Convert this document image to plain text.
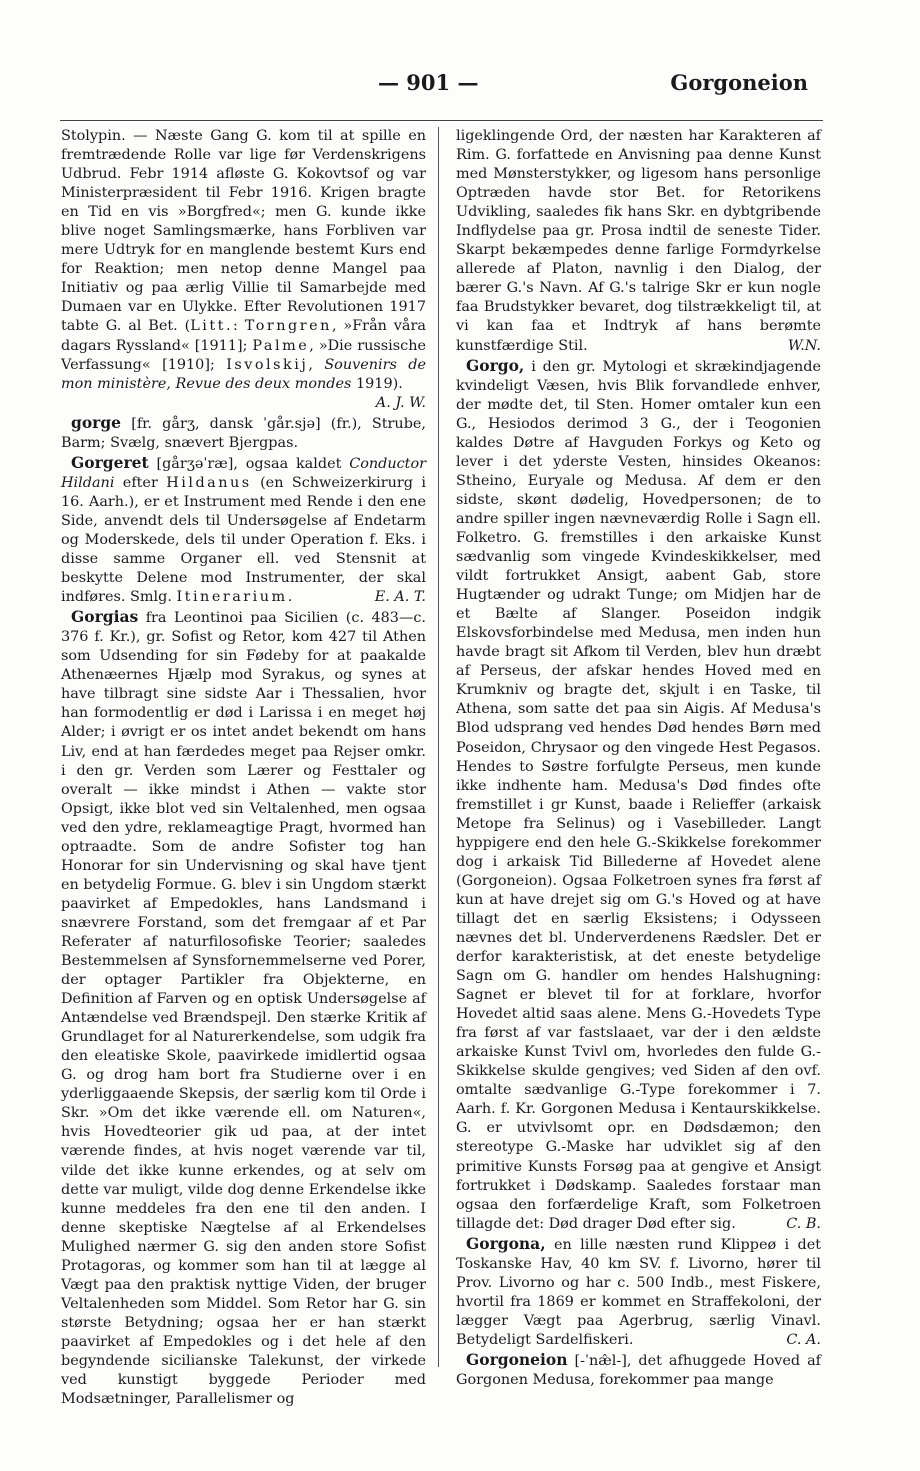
— 901 —	Gorgoneion

Stolypin. — Næste Gang G. kom til at spille en fremtrædende Rolle var lige før Verdenskrigens Udbrud. Febr 1914 afløste G. Kokovtsof og var Ministerpræsident til Febr 1916. Krigen bragte en Tid en vis »Borgfred«; men G. kunde ikke blive noget Samlingsmærke, hans Forbliven var mere Udtryk for en manglende bestemt Kurs end for Reaktion; men netop denne Mangel paa Initiativ og paa ærlig Villie til Samarbejde med Dumaen var en Ulykke. Efter Revolutionen 1917 tabte G. al Bet. (Litt.: Torngren, »Från våra dagars Ryssland« [1911]; Palme, »Die russische Verfassung« [1910]; Isvolskij, Souvenirs de mon ministère, Revue des deux mondes 1919).
A. J. W.

gorge [fr. gårʒ, dansk ˈgår.sjə] (fr.), Strube, Barm; Svælg, snævert Bjergpas.

Gorgeret [gårʒəˈræ], ogsaa kaldet Conductor Hildani efter Hildanus (en Schweizerkirurg i 16. Aarh.), er et Instrument med Rende i den ene Side, anvendt dels til Undersøgelse af Endetarm og Moderskede, dels til under Operation f. Eks. i disse samme Organer ell. ved Stensnit at beskytte Delene mod Instrumenter, der skal indføres. Smlg. Itinerarium.	E. A. T.

Gorgias fra Leontinoi paa Sicilien (c. 483—c. 376 f. Kr.), gr. Sofist og Retor, kom 427 til Athen som Udsending for sin Fødeby for at paakalde Athenæernes Hjælp mod Syrakus, og synes at have tilbragt sine sidste Aar i Thessalien, hvor han formodentlig er død i Larissa i en meget høj Alder; i øvrigt er os intet andet bekendt om hans Liv, end at han færdedes meget paa Rejser omkr. i den gr. Verden som Lærer og Festtaler og overalt — ikke mindst i Athen — vakte stor Opsigt, ikke blot ved sin Veltalenhed, men ogsaa ved den ydre, reklameagtige Pragt, hvormed han optraadte. Som de andre Sofister tog han Honorar for sin Undervisning og skal have tjent en betydelig Formue. G. blev i sin Ungdom stærkt paavirket af Empedokles, hans Landsmand i snævrere Forstand, som det fremgaar af et Par Referater af naturfilosofiske Teorier; saaledes Bestemmelsen af Synsfornemmelserne ved Porer, der optager Partikler fra Objekterne, en Definition af Farven og en optisk Undersøgelse af Antændelse ved Brændspejl. Den stærke Kritik af Grundlaget for al Naturerkendelse, som udgik fra den eleatiske Skole, paavirkede imidlertid ogsaa G. og drog ham bort fra Studierne over i en yderliggaaende Skepsis, der særlig kom til Orde i Skr. »Om det ikke værende ell. om Naturen«, hvis Hovedteorier gik ud paa, at der intet værende findes, at hvis noget værende var til, vilde det ikke kunne erkendes, og at selv om dette var muligt, vilde dog denne Erkendelse ikke kunne meddeles fra den ene til den anden. I denne skeptiske Nægtelse af al Erkendelses Mulighed nærmer G. sig den anden store Sofist Protagoras, og kommer som han til at lægge al Vægt paa den praktisk nyttige Viden, der bruger Veltalenheden som Middel. Som Retor har G. sin største Betydning; ogsaa her er han stærkt paavirket af Empedokles og i det hele af den begyndende sicilianske Talekunst, der virkede ved kunstigt byggede Perioder med Modsætninger, Parallelismer og

ligeklingende Ord, der næsten har Karakteren af Rim. G. forfattede en Anvisning paa denne Kunst med Mønsterstykker, og ligesom hans personlige Optræden havde stor Bet. for Retorikens Udvikling, saaledes fik hans Skr. en dybtgribende Indflydelse paa gr. Prosa indtil de seneste Tider. Skarpt bekæmpedes denne farlige Formdyrkelse allerede af Platon, navnlig i den Dialog, der bærer G.'s Navn. Af G.'s talrige Skr er kun nogle faa Brudstykker bevaret, dog tilstrækkeligt til, at vi kan faa et Indtryk af hans berømte kunstfærdige Stil.	W.N.

Gorgo, i den gr. Mytologi et skrækindjagende kvindeligt Væsen, hvis Blik forvandlede enhver, der mødte det, til Sten. Homer omtaler kun een G., Hesiodos derimod 3 G., der i Teogonien kaldes Døtre af Havguden Forkys og Keto og lever i det yderste Vesten, hinsides Okeanos: Stheino, Euryale og Medusa. Af dem er den sidste, skønt dødelig, Hovedpersonen; de to andre spiller ingen nævneværdig Rolle i Sagn ell. Folketro. G. fremstilles i den arkaiske Kunst sædvanlig som vingede Kvindeskikkelser, med vildt fortrukket Ansigt, aabent Gab, store Hugtænder og udrakt Tunge; om Midjen har de et Bælte af Slanger. Poseidon indgik Elskovsforbindelse med Medusa, men inden hun havde bragt sit Afkom til Verden, blev hun dræbt af Perseus, der afskar hendes Hoved med en Krumkniv og bragte det, skjult i en Taske, til Athena, som satte det paa sin Aigis. Af Medusa's Blod udsprang ved hendes Død hendes Børn med Poseidon, Chrysaor og den vingede Hest Pegasos. Hendes to Søstre forfulgte Perseus, men kunde ikke indhente ham. Medusa's Død findes ofte fremstillet i gr Kunst, baade i Relieffer (arkaisk Metope fra Selinus) og i Vasebilleder. Langt hyppigere end den hele G.-Skikkelse forekommer dog i arkaisk Tid Billederne af Hovedet alene (Gorgoneion). Ogsaa Folketroen synes fra først af kun at have drejet sig om G.'s Hoved og at have tillagt det en særlig Eksistens; i Odysseen nævnes det bl. Underverdenens Rædsler. Det er derfor karakteristisk, at det eneste betydelige Sagn om G. handler om hendes Halshugning: Sagnet er blevet til for at forklare, hvorfor Hovedet altid saas alene. Mens G.-Hovedets Type fra først af var fastslaaet, var der i den ældste arkaiske Kunst Tvivl om, hvorledes den fulde G.-Skikkelse skulde gengives; ved Siden af den ovf. omtalte sædvanlige G.-Type forekommer i 7. Aarh. f. Kr. Gorgonen Medusa i Kentaurskikkelse. G. er utvivlsomt opr. en Dødsdæmon; den stereotype G.-Maske har udviklet sig af den primitive Kunsts Forsøg paa at gengive et Ansigt fortrukket i Dødskamp. Saaledes forstaar man ogsaa den forfærdelige Kraft, som Folketroen tillagde det: Død drager Død efter sig.	C. B.

Gorgona, en lille næsten rund Klippeø i det Toskanske Hav, 40 km SV. f. Livorno, hører til Prov. Livorno og har c. 500 Indb., mest Fiskere, hvortil fra 1869 er kommet en Straffekoloni, der lægger Vægt paa Agerbrug, særlig Vinavl. Betydeligt Sardelfiskeri.	C. A.

Gorgoneion [-ˈnæ̂l-], det afhuggede Hoved af Gorgonen Medusa, forekommer paa mange
